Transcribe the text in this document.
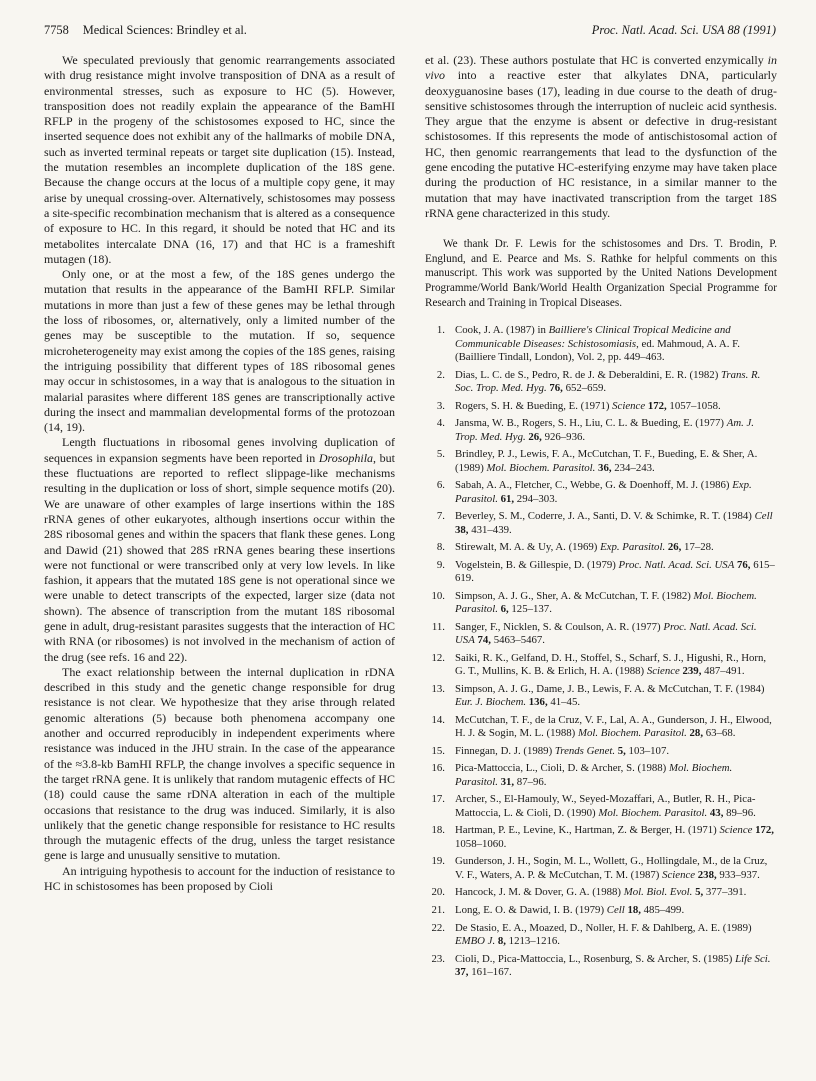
7758 Medical Sciences: Brindley et al.	Proc. Natl. Acad. Sci. USA 88 (1991)

We speculated previously that genomic rearrangements associated with drug resistance might involve transposition of DNA as a result of environmental stresses, such as exposure to HC (5). However, transposition does not readily explain the appearance of the BamHI RFLP in the progeny of the schistosomes exposed to HC, since the inserted sequence does not exhibit any of the hallmarks of mobile DNA, such as inverted terminal repeats or target site duplication (15). Instead, the mutation resembles an incomplete duplication of the 18S gene. Because the change occurs at the locus of a multiple copy gene, it may arise by unequal crossing-over. Alternatively, schistosomes may possess a site-specific recombination mechanism that is altered as a consequence of exposure to HC. In this regard, it should be noted that HC and its metabolites intercalate DNA (16, 17) and that HC is a frameshift mutagen (18).

Only one, or at the most a few, of the 18S genes undergo the mutation that results in the appearance of the BamHI RFLP. Similar mutations in more than just a few of these genes may be lethal through the loss of ribosomes, or, alternatively, only a limited number of the genes may be susceptible to the mutation. If so, sequence microheterogeneity may exist among the copies of the 18S genes, raising the intriguing possibility that different types of 18S ribosomal genes may occur in schistosomes, in a way that is analogous to the situation in malarial parasites where different 18S genes are transcriptionally active during the insect and mammalian developmental forms of the protozoan (14, 19).

Length fluctuations in ribosomal genes involving duplication of sequences in expansion segments have been reported in Drosophila, but these fluctuations are reported to reflect slippage-like mechanisms resulting in the duplication or loss of short, simple sequence motifs (20). We are unaware of other examples of large insertions within the 18S rRNA genes of other eukaryotes, although insertions occur within the 28S ribosomal genes and within the spacers that flank these genes. Long and Dawid (21) showed that 28S rRNA genes bearing these insertions were not functional or were transcribed only at very low levels. In like fashion, it appears that the mutated 18S gene is not operational since we were unable to detect transcripts of the expected, larger size (data not shown). The absence of transcription from the mutant 18S ribosomal gene in adult, drug-resistant parasites suggests that the interaction of HC with RNA (or ribosomes) is not involved in the mechanism of action of the drug (see refs. 16 and 22).

The exact relationship between the internal duplication in rDNA described in this study and the genetic change responsible for drug resistance is not clear. We hypothesize that they arise through related genomic alterations (5) because both phenomena accompany one another and occurred reproducibly in independent experiments where resistance was induced in the JHU strain. In the case of the appearance of the ≈3.8-kb BamHI RFLP, the change involves a specific sequence in the target rRNA gene. It is unlikely that random mutagenic effects of HC (18) could cause the same rDNA alteration in each of the multiple occasions that resistance to the drug was induced. Similarly, it is also unlikely that the genetic change responsible for resistance to HC results through the mutagenic effects of the drug, unless the target resistance gene is large and unusually sensitive to mutation.

An intriguing hypothesis to account for the induction of resistance to HC in schistosomes has been proposed by Cioli

et al. (23). These authors postulate that HC is converted enzymically in vivo into a reactive ester that alkylates DNA, particularly deoxyguanosine bases (17), leading in due course to the death of drug-sensitive schistosomes through the interruption of nucleic acid synthesis. They argue that the enzyme is absent or defective in drug-resistant schistosomes. If this represents the mode of antischistosomal action of HC, then genomic rearrangements that lead to the dysfunction of the gene encoding the putative HC-esterifying enzyme may have taken place during the production of HC resistance, in a similar manner to the mutation that may have inactivated transcription from the target 18S rRNA gene characterized in this study.

We thank Dr. F. Lewis for the schistosomes and Drs. T. Brodin, P. Englund, and E. Pearce and Ms. S. Rathke for helpful comments on this manuscript. This work was supported by the United Nations Development Programme/World Bank/World Health Organization Special Programme for Research and Training in Tropical Diseases.

1. Cook, J. A. (1987) in Bailliere's Clinical Tropical Medicine and Communicable Diseases: Schistosomiasis, ed. Mahmoud, A. A. F. (Bailliere Tindall, London), Vol. 2, pp. 449–463.
2. Dias, L. C. de S., Pedro, R. de J. & Deberaldini, E. R. (1982) Trans. R. Soc. Trop. Med. Hyg. 76, 652–659.
3. Rogers, S. H. & Bueding, E. (1971) Science 172, 1057–1058.
4. Jansma, W. B., Rogers, S. H., Liu, C. L. & Bueding, E. (1977) Am. J. Trop. Med. Hyg. 26, 926–936.
5. Brindley, P. J., Lewis, F. A., McCutchan, T. F., Bueding, E. & Sher, A. (1989) Mol. Biochem. Parasitol. 36, 234–243.
6. Sabah, A. A., Fletcher, C., Webbe, G. & Doenhoff, M. J. (1986) Exp. Parasitol. 61, 294–303.
7. Beverley, S. M., Coderre, J. A., Santi, D. V. & Schimke, R. T. (1984) Cell 38, 431–439.
8. Stirewalt, M. A. & Uy, A. (1969) Exp. Parasitol. 26, 17–28.
9. Vogelstein, B. & Gillespie, D. (1979) Proc. Natl. Acad. Sci. USA 76, 615–619.
10. Simpson, A. J. G., Sher, A. & McCutchan, T. F. (1982) Mol. Biochem. Parasitol. 6, 125–137.
11. Sanger, F., Nicklen, S. & Coulson, A. R. (1977) Proc. Natl. Acad. Sci. USA 74, 5463–5467.
12. Saiki, R. K., Gelfand, D. H., Stoffel, S., Scharf, S. J., Higushi, R., Horn, G. T., Mullins, K. B. & Erlich, H. A. (1988) Science 239, 487–491.
13. Simpson, A. J. G., Dame, J. B., Lewis, F. A. & McCutchan, T. F. (1984) Eur. J. Biochem. 136, 41–45.
14. McCutchan, T. F., de la Cruz, V. F., Lal, A. A., Gunderson, J. H., Elwood, H. J. & Sogin, M. L. (1988) Mol. Biochem. Parasitol. 28, 63–68.
15. Finnegan, D. J. (1989) Trends Genet. 5, 103–107.
16. Pica-Mattoccia, L., Cioli, D. & Archer, S. (1988) Mol. Biochem. Parasitol. 31, 87–96.
17. Archer, S., El-Hamouly, W., Seyed-Mozaffari, A., Butler, R. H., Pica-Mattoccia, L. & Cioli, D. (1990) Mol. Biochem. Parasitol. 43, 89–96.
18. Hartman, P. E., Levine, K., Hartman, Z. & Berger, H. (1971) Science 172, 1058–1060.
19. Gunderson, J. H., Sogin, M. L., Wollett, G., Hollingdale, M., de la Cruz, V. F., Waters, A. P. & McCutchan, T. M. (1987) Science 238, 933–937.
20. Hancock, J. M. & Dover, G. A. (1988) Mol. Biol. Evol. 5, 377–391.
21. Long, E. O. & Dawid, I. B. (1979) Cell 18, 485–499.
22. De Stasio, E. A., Moazed, D., Noller, H. F. & Dahlberg, A. E. (1989) EMBO J. 8, 1213–1216.
23. Cioli, D., Pica-Mattoccia, L., Rosenburg, S. & Archer, S. (1985) Life Sci. 37, 161–167.
